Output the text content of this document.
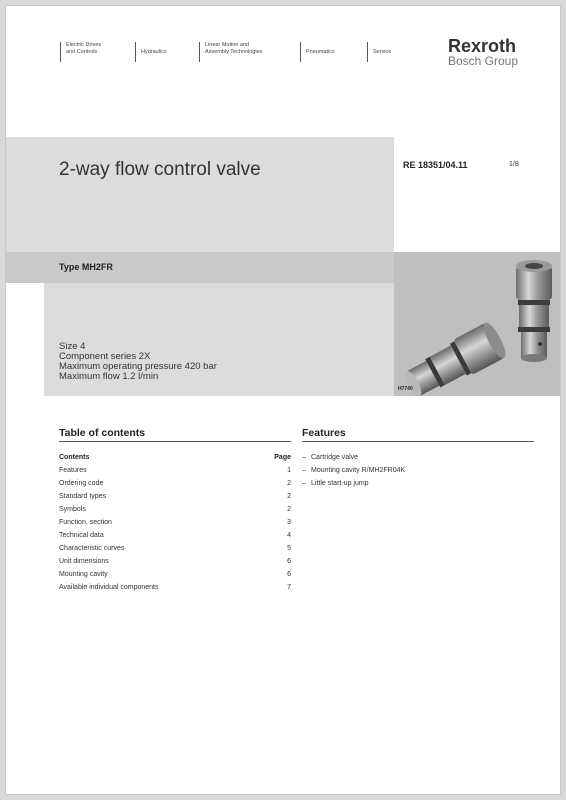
Electric Drives
and Controls	Hydraulics
Linear Motion and
Assembly Technologies	Pneumatics	Service	Rexroth
Bosch Group
2-way flow control valve	RE 18351/04.11	1/8
Type MH2FR
Size 4
Component series 2X
Maximum operating pressure 420 bar
Maximum flow 1.2 l/min
H7740
Table of contents
Contents	Page
Features	1
Ordering code	2
Standard types	2
Symbols	2
Function, section	3
Technical data	4
Characteristic curves	5
Unit dimensions	6
Mounting cavity	6
Available individual components	7
Features
– Cartridge valve
– Mounting cavity R/MH2FR04K
– Little start-up jump
